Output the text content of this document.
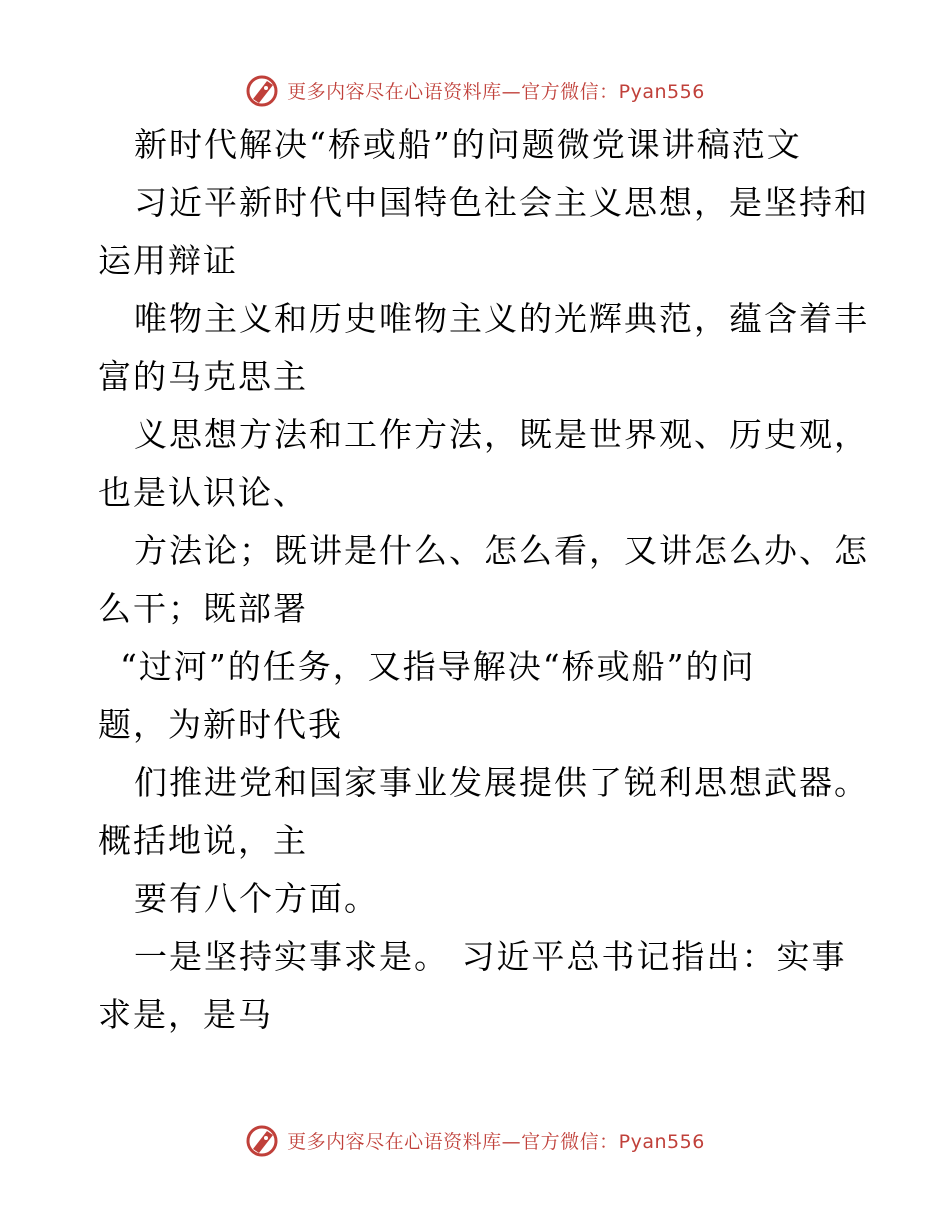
更多内容尽在心语资料库—官方微信：Pyan556
新时代解决“桥或船”的问题微党课讲稿范文
习近平新时代中国特色社会主义思想，是坚持和
运用辩证
唯物主义和历史唯物主义的光辉典范，蕴含着丰
富的马克思主
义思想方法和工作方法，既是世界观、历史观，
也是认识论、
方法论；既讲是什么、怎么看，又讲怎么办、怎
么干；既部署
“过河”的任务，又指导解决“桥或船”的问
题，为新时代我
们推进党和国家事业发展提供了锐利思想武器。
概括地说，主
要有八个方面。
一是坚持实事求是。 习近平总书记指出：实事
求是，是马
更多内容尽在心语资料库—官方微信：Pyan556
